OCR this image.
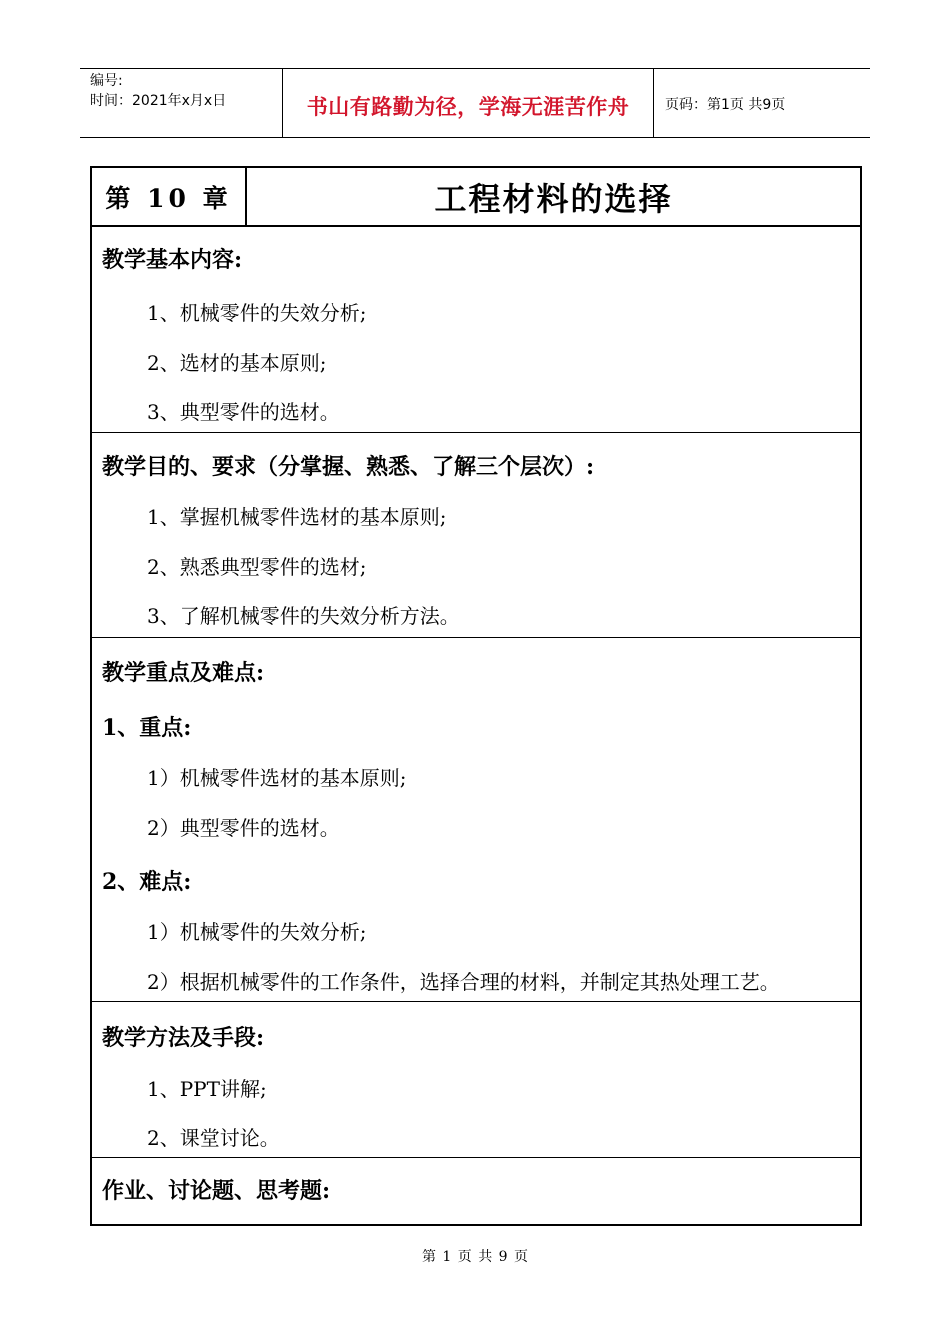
编号:
时间：2021年x月x日	书山有路勤为径，学海无涯苦作舟	页码：第1页 共9页
第 10 章	工程材料的选择
教学基本内容:
1、机械零件的失效分析;
2、选材的基本原则;
3、典型零件的选材。
教学目的、要求（分掌握、熟悉、了解三个层次）:
1、掌握机械零件选材的基本原则;
2、熟悉典型零件的选材;
3、了解机械零件的失效分析方法。
教学重点及难点:
1、重点:
1）机械零件选材的基本原则;
2）典型零件的选材。
2、难点:
1）机械零件的失效分析;
2）根据机械零件的工作条件，选择合理的材料，并制定其热处理工艺。
教学方法及手段:
1、PPT讲解;
2、课堂讨论。
作业、讨论题、思考题:
第 1 页 共 9 页
